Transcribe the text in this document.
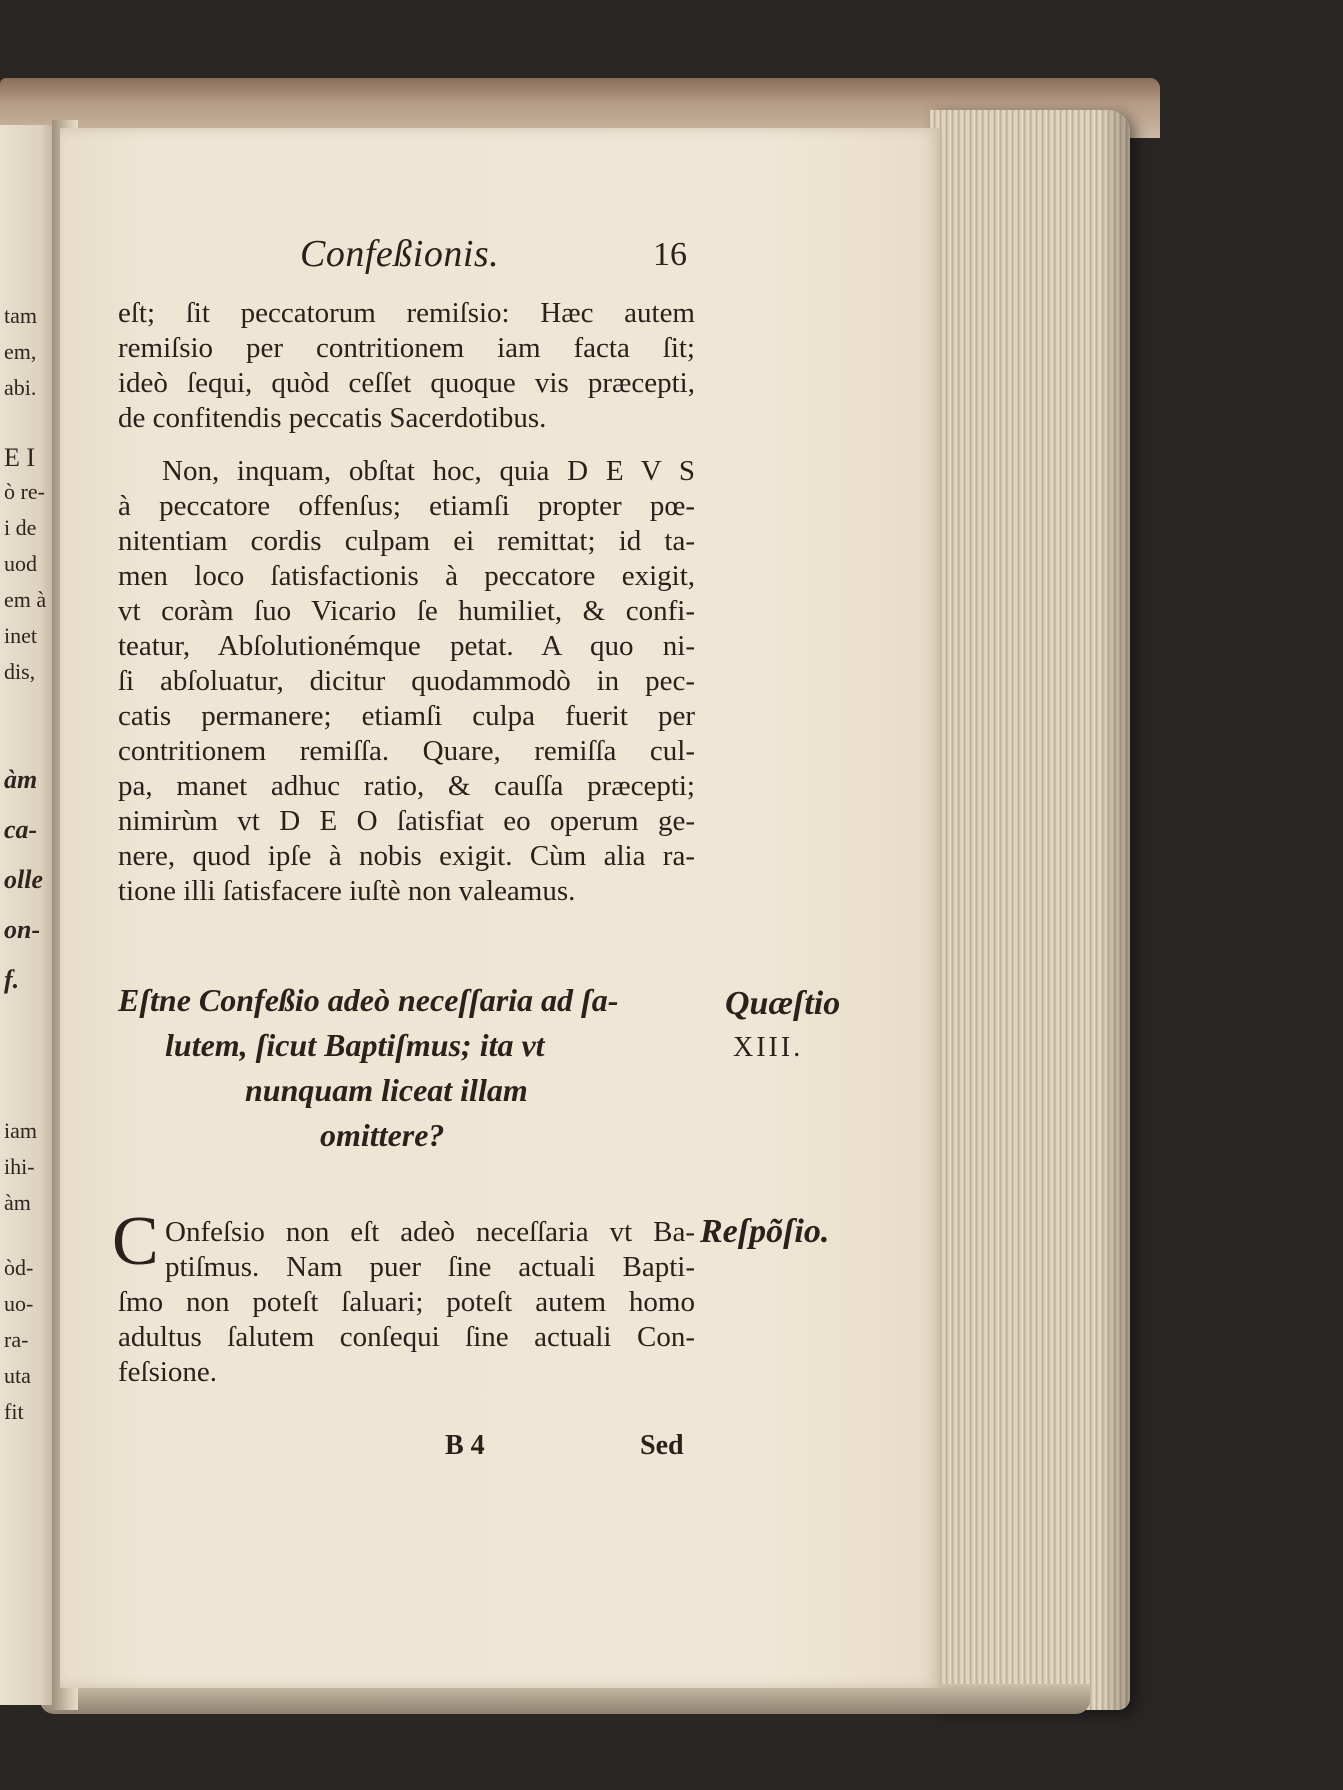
tam
em,
abi.
E I
ò re-
i de
uod
em à
inet
dis,
àm
ca-
olle
on-
f.
iam
ihi-
àm
òd-
uo-
ra-
uta
fit
Confeßionis.	16
eſt; ſit peccatorum remiſsio: Hæc autem
remiſsio per contritionem iam facta ſit;
ideò ſequi, quòd ceſſet quoque vis præcepti,
de confitendis peccatis Sacerdotibus.
Non, inquam, obſtat hoc, quia D E V S
à peccatore offenſus; etiamſi propter pœ-
nitentiam cordis culpam ei remittat; id ta-
men loco ſatisfactionis à peccatore exigit,
vt coràm ſuo Vicario ſe humiliet, & confi-
teatur, Abſolutionémque petat. A quo ni-
ſi abſoluatur, dicitur quodammodò in pec-
catis permanere; etiamſi culpa fuerit per
contritionem remiſſa. Quare, remiſſa cul-
pa, manet adhuc ratio, & cauſſa præcepti;
nimirùm vt D E O ſatisfiat eo operum ge-
nere, quod ipſe à nobis exigit. Cùm alia ra-
tione illi ſatisfacere iuſtè non valeamus.
Eſtne Confeßio adeò neceſſaria ad ſa-
lutem, ſicut Baptiſmus; ita vt
nunquam liceat illam
omittere?
Quæſtio
XIII.
C	Reſpõſio.
Onfeſsio non eſt adeò neceſſaria vt Ba-
ptiſmus. Nam puer ſine actuali Bapti-
ſmo non poteſt ſaluari; poteſt autem homo
adultus ſalutem conſequi ſine actuali Con-
feſsione.
B 4	Sed
